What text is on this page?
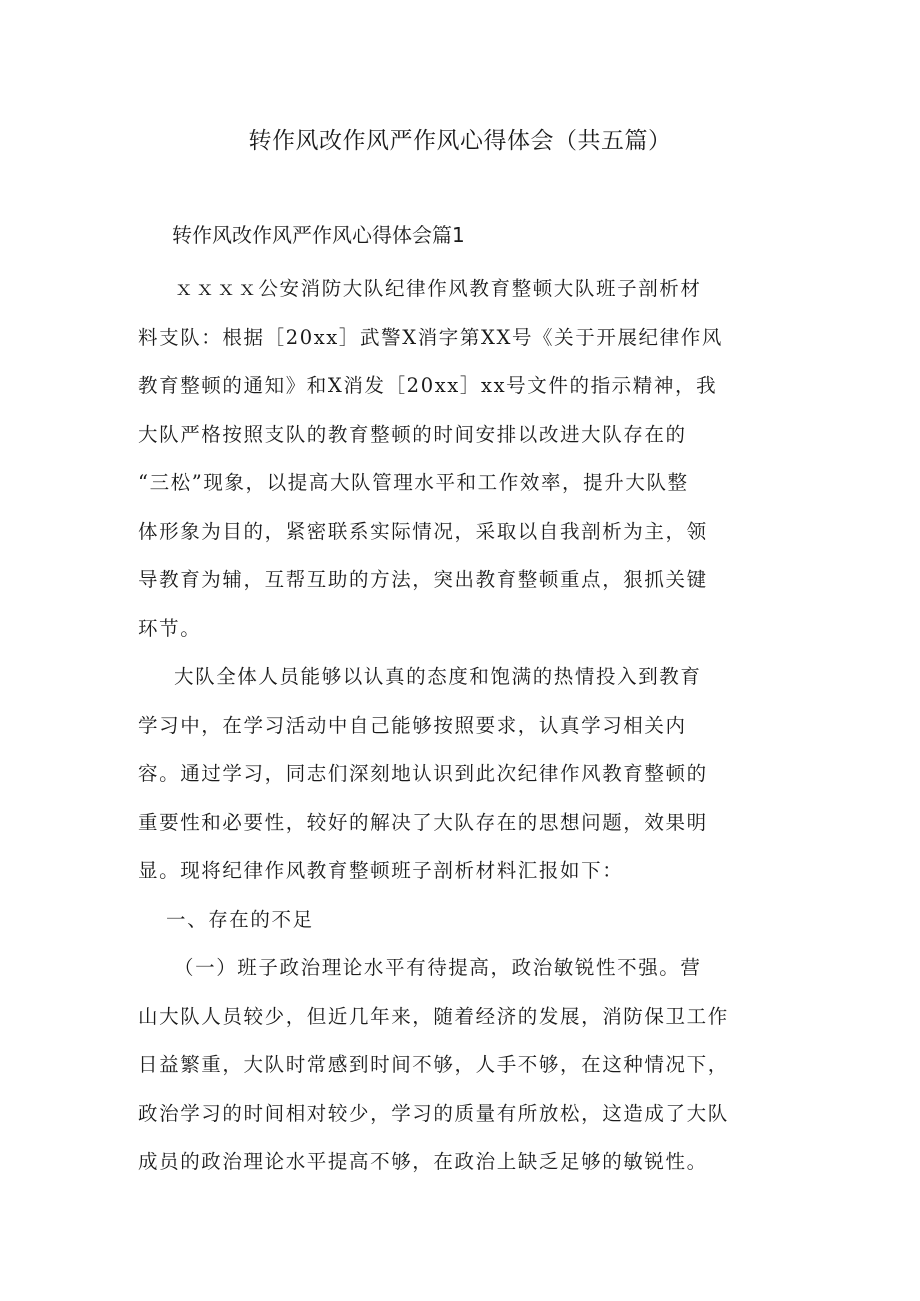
转作风改作风严作风心得体会（共五篇）
转作风改作风严作风心得体会篇1
ｘｘｘｘ公安消防大队纪律作风教育整顿大队班子剖析材
料支队：根据［20xx］武警X消字第XX号《关于开展纪律作风
教育整顿的通知》和X消发［20xx］xx号文件的指示精神，我
大队严格按照支队的教育整顿的时间安排以改进大队存在的
“三松”现象，以提高大队管理水平和工作效率，提升大队整
体形象为目的，紧密联系实际情况，采取以自我剖析为主，领
导教育为辅，互帮互助的方法，突出教育整顿重点，狠抓关键
环节。
大队全体人员能够以认真的态度和饱满的热情投入到教育
学习中，在学习活动中自己能够按照要求，认真学习相关内
容。通过学习，同志们深刻地认识到此次纪律作风教育整顿的
重要性和必要性，较好的解决了大队存在的思想问题，效果明
显。现将纪律作风教育整顿班子剖析材料汇报如下：
一、存在的不足
（一）班子政治理论水平有待提高，政治敏锐性不强。营
山大队人员较少，但近几年来，随着经济的发展，消防保卫工作
日益繁重，大队时常感到时间不够，人手不够，在这种情况下，
政治学习的时间相对较少，学习的质量有所放松，这造成了大队
成员的政治理论水平提高不够，在政治上缺乏足够的敏锐性。
